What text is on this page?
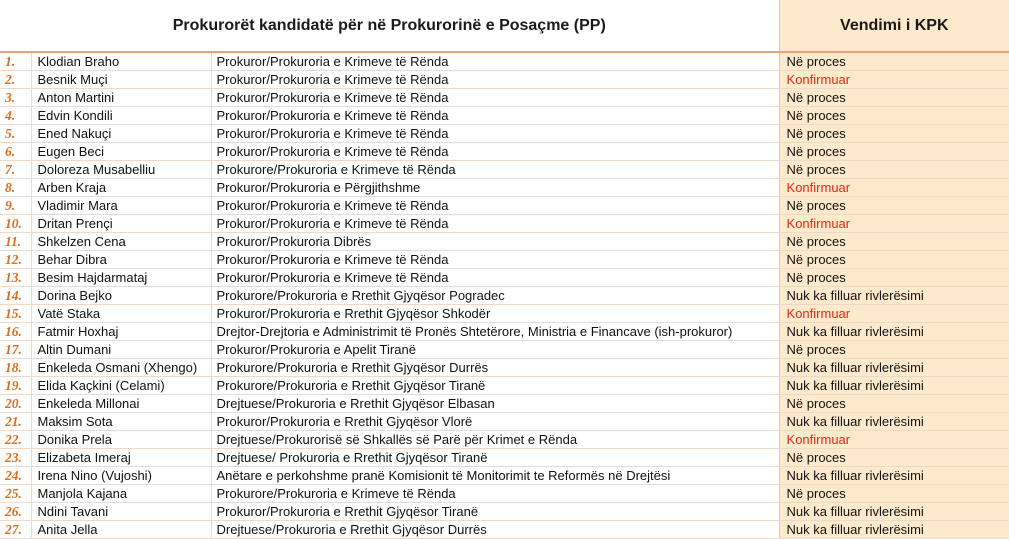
Prokurorët kandidatë për në Prokurorinë e Posaçme (PP)			Vendimi i KPK
1.	Klodian Braho	Prokuror/Prokuroria e Krimeve të Rënda	Në proces
2.	Besnik Muçi	Prokuror/Prokuroria e Krimeve të Rënda	Konfirmuar
3.	Anton Martini	Prokuror/Prokuroria e Krimeve të Rënda	Në proces
4.	Edvin Kondili	Prokuror/Prokuroria e Krimeve të Rënda	Në proces
5.	Ened Nakuçi	Prokuror/Prokuroria e Krimeve të Rënda	Në proces
6.	Eugen Beci	Prokuror/Prokuroria e Krimeve të Rënda	Në proces
7.	Doloreza Musabelliu	Prokurore/Prokuroria e Krimeve të Rënda	Në proces
8.	Arben Kraja	Prokuror/Prokuroria e Përgjithshme	Konfirmuar
9.	Vladimir Mara	Prokuror/Prokuroria e Krimeve të Rënda	Në proces
10.	Dritan Prençi	Prokuror/Prokuroria e Krimeve të Rënda	Konfirmuar
11.	Shkelzen Cena	Prokuror/Prokuroria Dibrës	Në proces
12.	Behar Dibra	Prokuror/Prokuroria e Krimeve të Rënda	Në proces
13.	Besim Hajdarmataj	Prokuror/Prokuroria e Krimeve të Rënda	Në proces
14.	Dorina Bejko	Prokurore/Prokuroria e Rrethit Gjyqësor Pogradec	Nuk ka filluar rivlerësimi
15.	Vatë Staka	Prokuror/Prokuroria e Rrethit Gjyqësor Shkodër	Konfirmuar
16.	Fatmir Hoxhaj	Drejtor-Drejtoria e Administrimit të Pronës Shtetërore, Ministria e Financave (ish-prokuror)	Nuk ka filluar rivlerësimi
17.	Altin Dumani	Prokuror/Prokuroria e Apelit Tiranë	Në proces
18.	Enkeleda Osmani (Xhengo)	Prokurore/Prokuroria e Rrethit Gjyqësor Durrës	Nuk ka filluar rivlerësimi
19.	Elida Kaçkini (Celami)	Prokurore/Prokuroria e Rrethit Gjyqësor Tiranë	Nuk ka filluar rivlerësimi
20.	Enkeleda Millonai	Drejtuese/Prokuroria e Rrethit Gjyqësor Elbasan	Në proces
21.	Maksim Sota	Prokuror/Prokuroria e Rrethit Gjyqësor Vlorë	Nuk ka filluar rivlerësimi
22.	Donika Prela	Drejtuese/Prokurorisë së Shkallës së Parë për Krimet e Rënda	Konfirmuar
23.	Elizabeta Imeraj	Drejtuese/ Prokuroria e Rrethit Gjyqësor Tiranë	Në proces
24.	Irena Nino (Vujoshi)	Anëtare e perkohshme pranë Komisionit të Monitorimit te Reformës në Drejtësi	Nuk ka filluar rivlerësimi
25.	Manjola Kajana	Prokurore/Prokuroria e Krimeve të Rënda	Në proces
26.	Ndini Tavani	Prokuror/Prokuroria e Rrethit Gjyqësor Tiranë	Nuk ka filluar rivlerësimi
27.	Anita Jella	Drejtuese/Prokuroria e Rrethit Gjyqësor Durrës	Nuk ka filluar rivlerësimi
